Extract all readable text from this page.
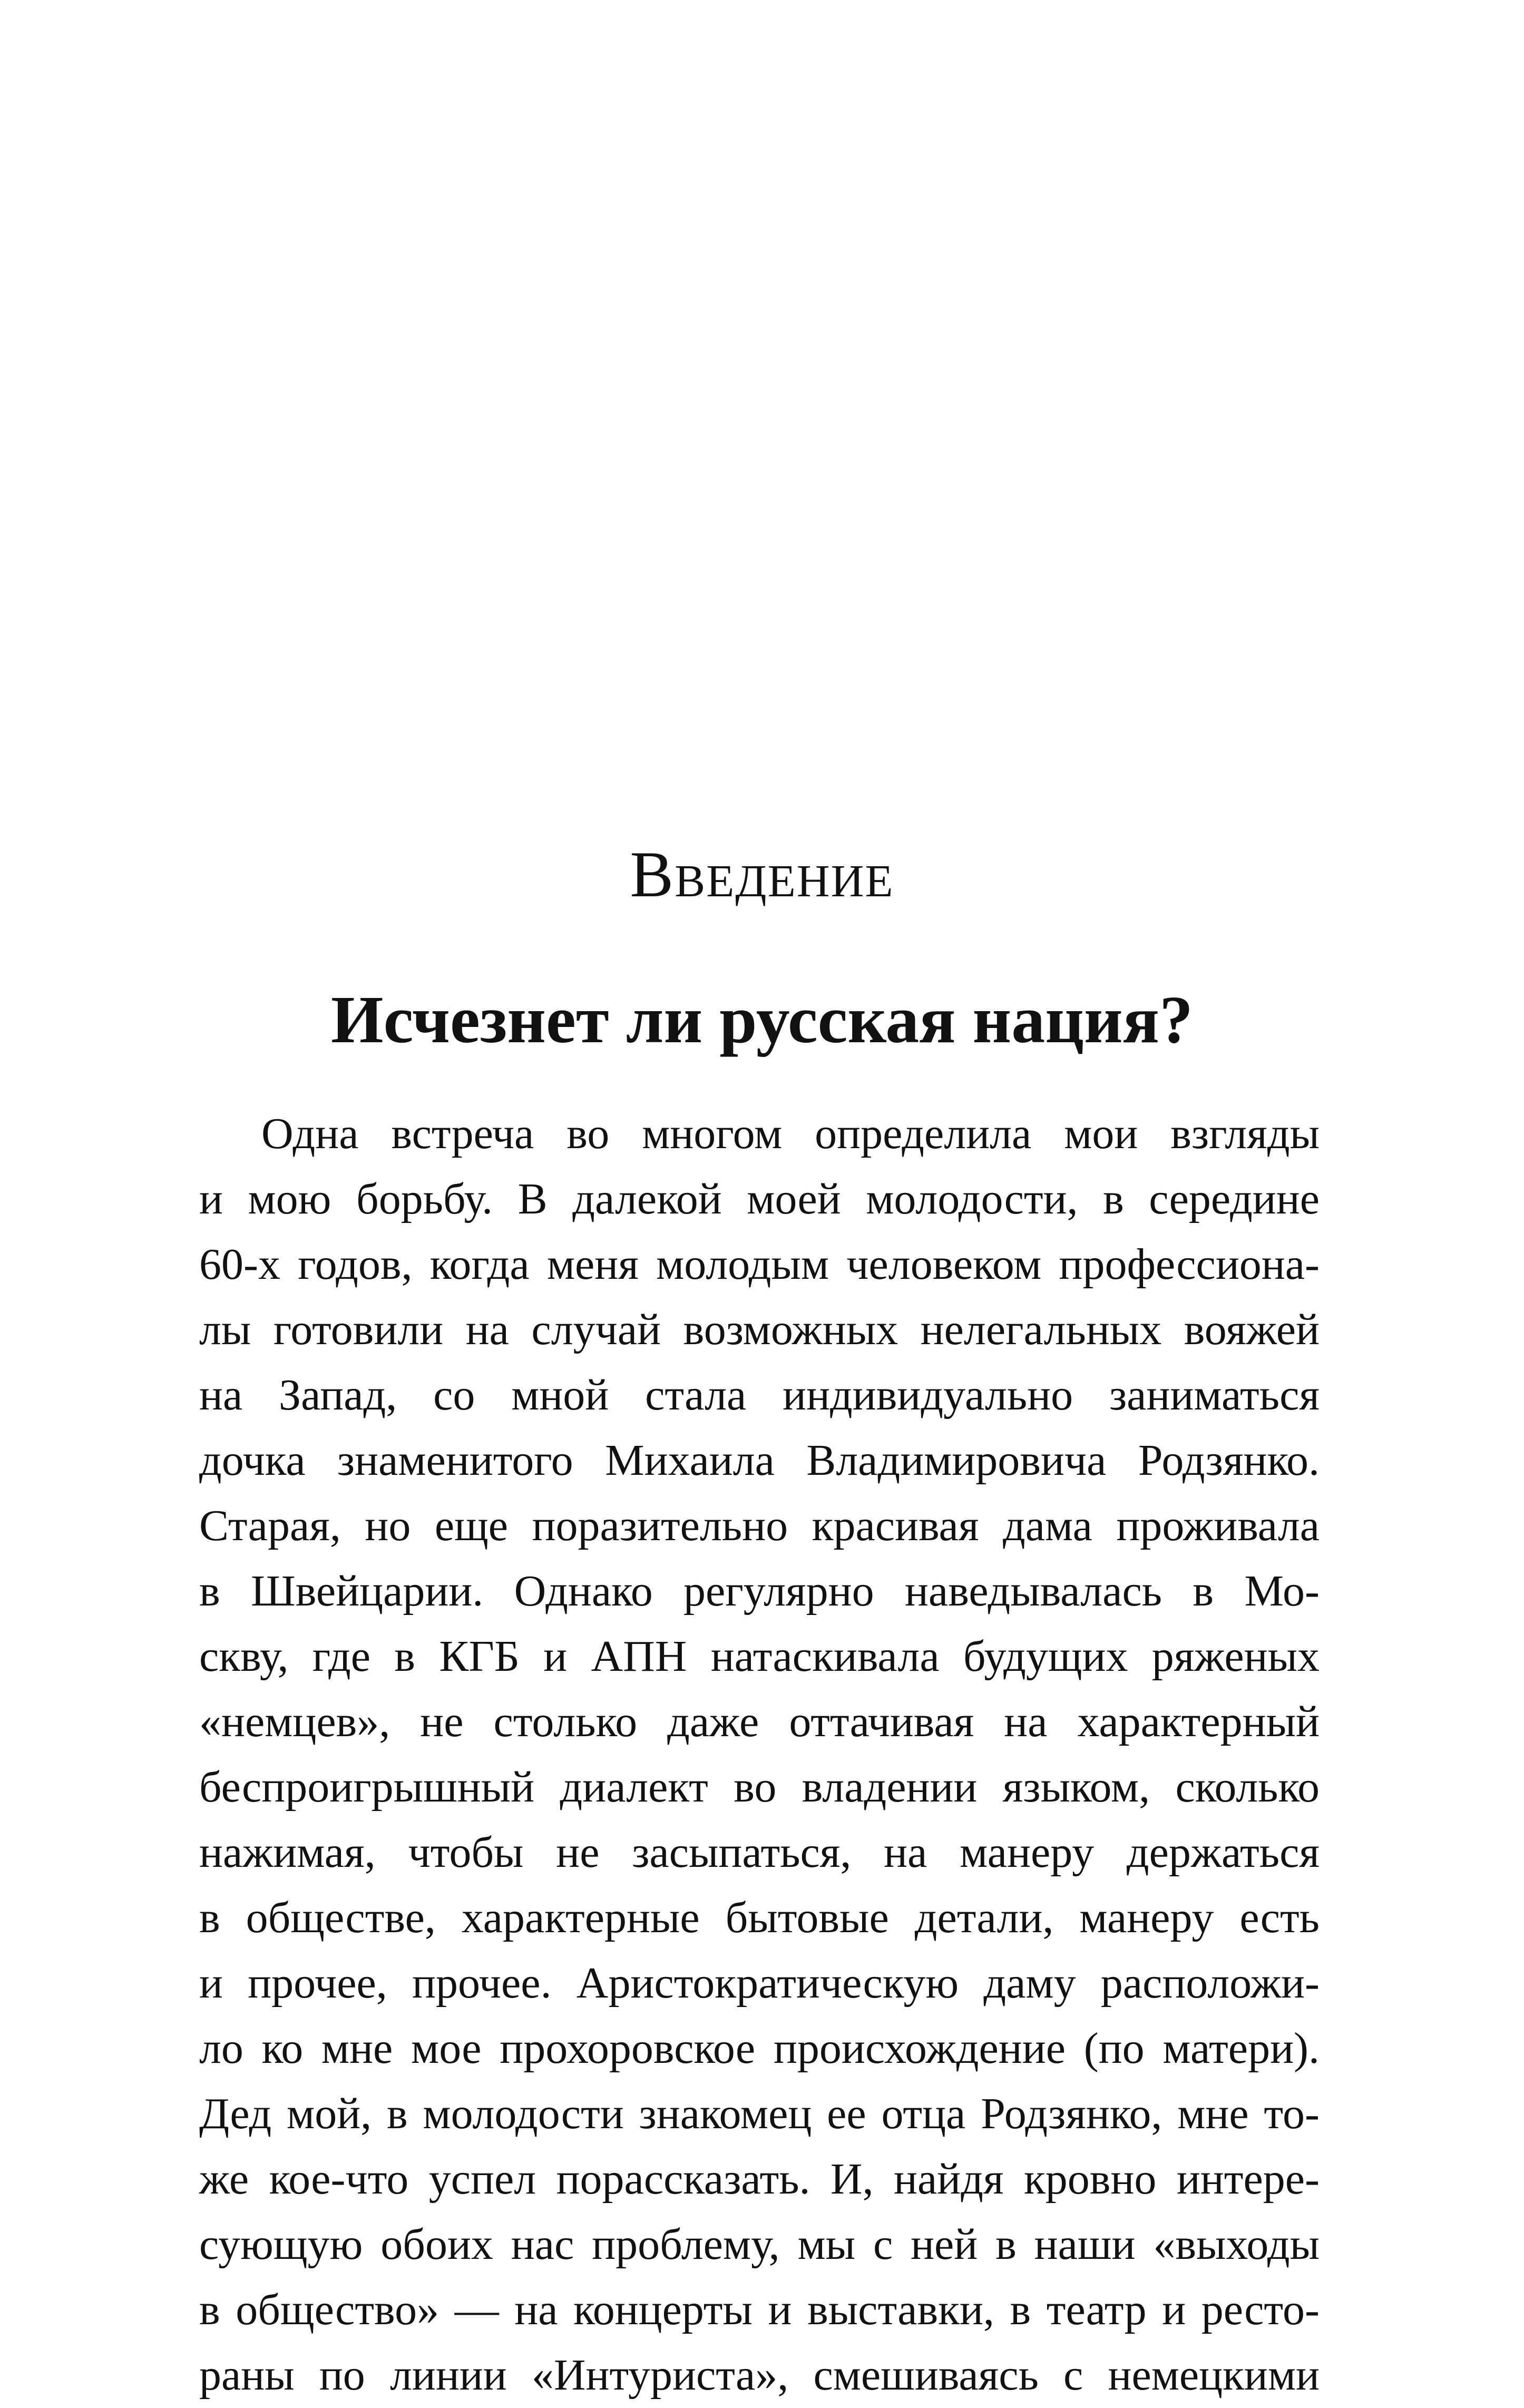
Введение
Исчезнет ли русская нация?
Одна встреча во многом определила мои взгляды
и мою борьбу. В далекой моей молодости, в середине
60-х годов, когда меня молодым человеком профессиона-
лы готовили на случай возможных нелегальных вояжей
на Запад, со мной стала индивидуально заниматься
дочка знаменитого Михаила Владимировича Родзянко.
Старая, но еще поразительно красивая дама проживала
в Швейцарии. Однако регулярно наведывалась в Мо-
скву, где в КГБ и АПН натаскивала будущих ряженых
«немцев», не столько даже оттачивая на характерный
беспроигрышный диалект во владении языком, сколько
нажимая, чтобы не засыпаться, на манеру держаться
в обществе, характерные бытовые детали, манеру есть
и прочее, прочее. Аристократическую даму расположи-
ло ко мне мое прохоровское происхождение (по матери).
Дед мой, в молодости знакомец ее отца Родзянко, мне то-
же кое-что успел порассказать. И, найдя кровно интере-
сующую обоих нас проблему, мы с ней в наши «выходы
в общество» — на концерты и выставки, в театр и ресто-
раны по линии «Интуриста», смешиваясь с немецкими
